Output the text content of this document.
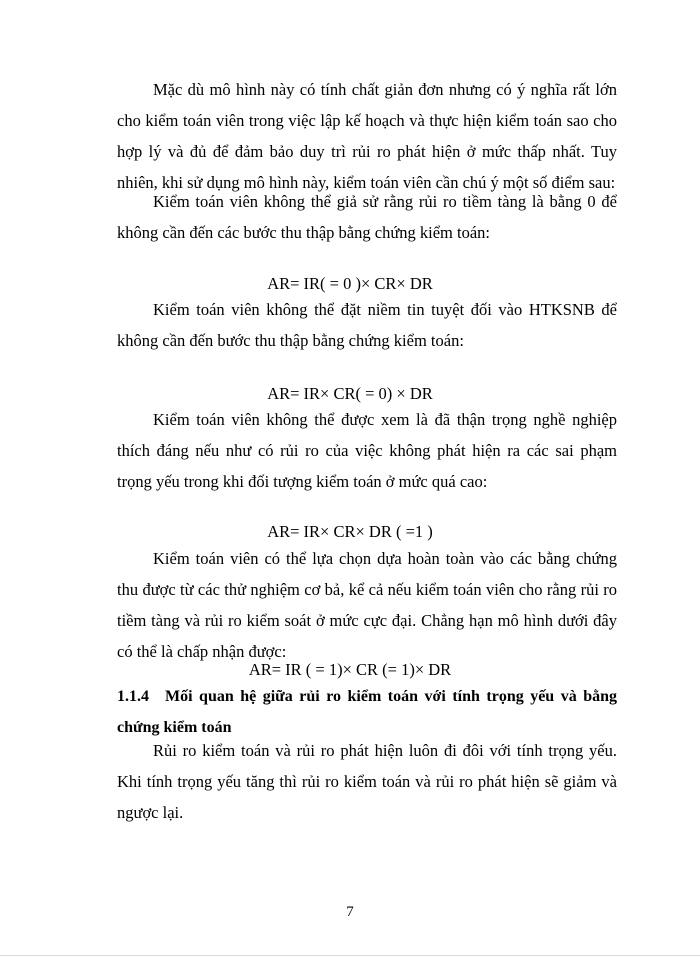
Mặc dù mô hình này có tính chất giản đơn nhưng có ý nghĩa rất lớn cho kiểm toán viên trong việc lập kế hoạch và thực hiện kiểm toán sao cho hợp lý và đủ để đảm bảo duy trì rủi ro phát hiện ở mức thấp nhất. Tuy nhiên, khi sử dụng mô hình này, kiểm toán viên cần chú ý một số điểm sau:

Kiểm toán viên không thể giả sử rằng rủi ro tiềm tàng là bằng 0 để không cần đến các bước thu thập bằng chứng kiểm toán:

AR= IR( = 0 )× CR× DR

Kiểm toán viên không thể đặt niềm tin tuyệt đối vào HTKSNB để không cần đến bước thu thập bằng chứng kiểm toán:

AR= IR× CR( = 0) × DR

Kiểm toán viên không thể được xem là đã thận trọng nghề nghiệp thích đáng nếu như có rủi ro của việc không phát hiện ra các sai phạm trọng yếu trong khi đối tượng kiểm toán ở mức quá cao:

AR= IR× CR× DR ( =1 )

Kiểm toán viên có thể lựa chọn dựa hoàn toàn vào các bằng chứng thu được từ các thử nghiệm cơ bả, kể cả nếu kiểm toán viên cho rằng rủi ro tiềm tàng và rủi ro kiểm soát ở mức cực đại. Chẳng hạn mô hình dưới đây có thể là chấp nhận được:

AR= IR ( = 1)× CR (= 1)× DR

1.1.4 Mối quan hệ giữa rủi ro kiểm toán với tính trọng yếu và bằng chứng kiểm toán

Rủi ro kiểm toán và rủi ro phát hiện luôn đi đôi với tính trọng yếu. Khi tính trọng yếu tăng thì rủi ro kiểm toán và rủi ro phát hiện sẽ giảm và ngược lại.

7
